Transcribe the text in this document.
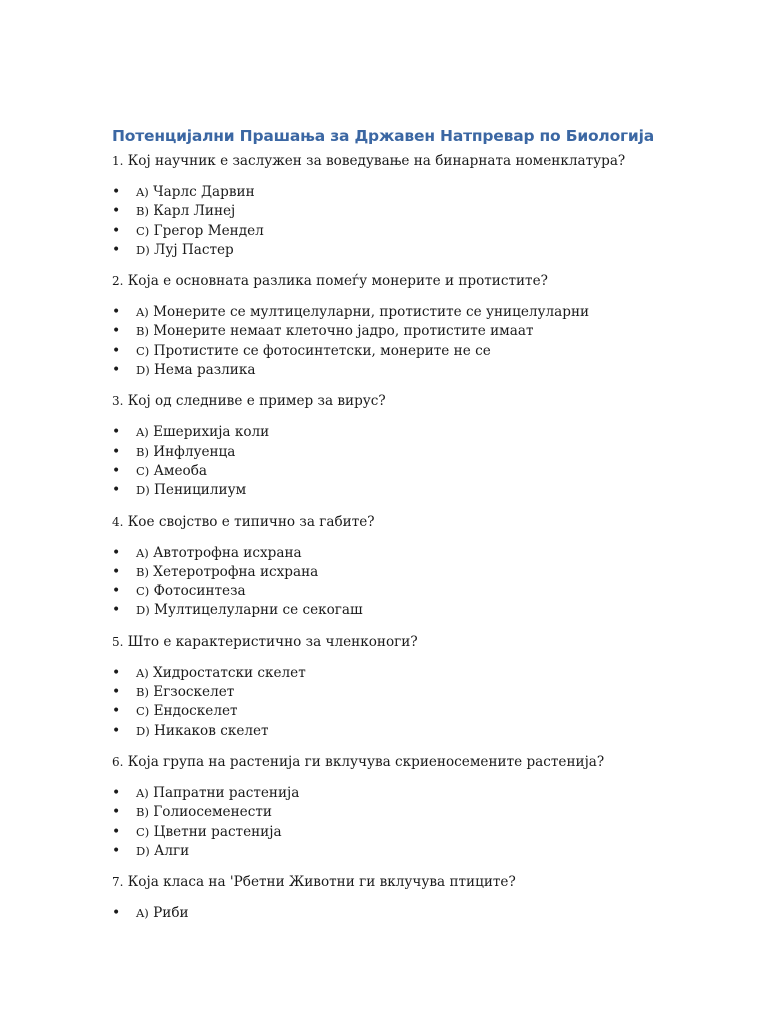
Потенцијални Прашања за Државен Натпревар по Биологија

1. Кој научник е заслужен за воведување на бинарната номенклатура?

• A) Чарлс Дарвин
• B) Карл Линеј
• C) Грегор Мендел
• D) Луј Пастер

2. Која е основната разлика помеѓу монерите и протистите?

• A) Монерите се мултицелуларни, протистите се уницелуларни
• B) Монерите немаат клеточно јадро, протистите имаат
• C) Протистите се фотосинтетски, монерите не се
• D) Нема разлика

3. Кој од следниве е пример за вирус?

• A) Ешерихија коли
• B) Инфлуенца
• C) Амеоба
• D) Пеницилиум

4. Кое својство е типично за габите?

• A) Автотрофна исхрана
• B) Хетеротрофна исхрана
• C) Фотосинтеза
• D) Мултицелуларни се секогаш

5. Што е карактеристично за членконоги?

• A) Хидростатски скелет
• B) Егзоскелет
• C) Ендоскелет
• D) Никаков скелет

6. Која група на растенија ги вклучува скриеносемените растенија?

• A) Папратни растенија
• B) Голиосеменести
• C) Цветни растенија
• D) Алги

7. Која класа на 'Рбетни Животни ги вклучува птиците?

• A) Риби
